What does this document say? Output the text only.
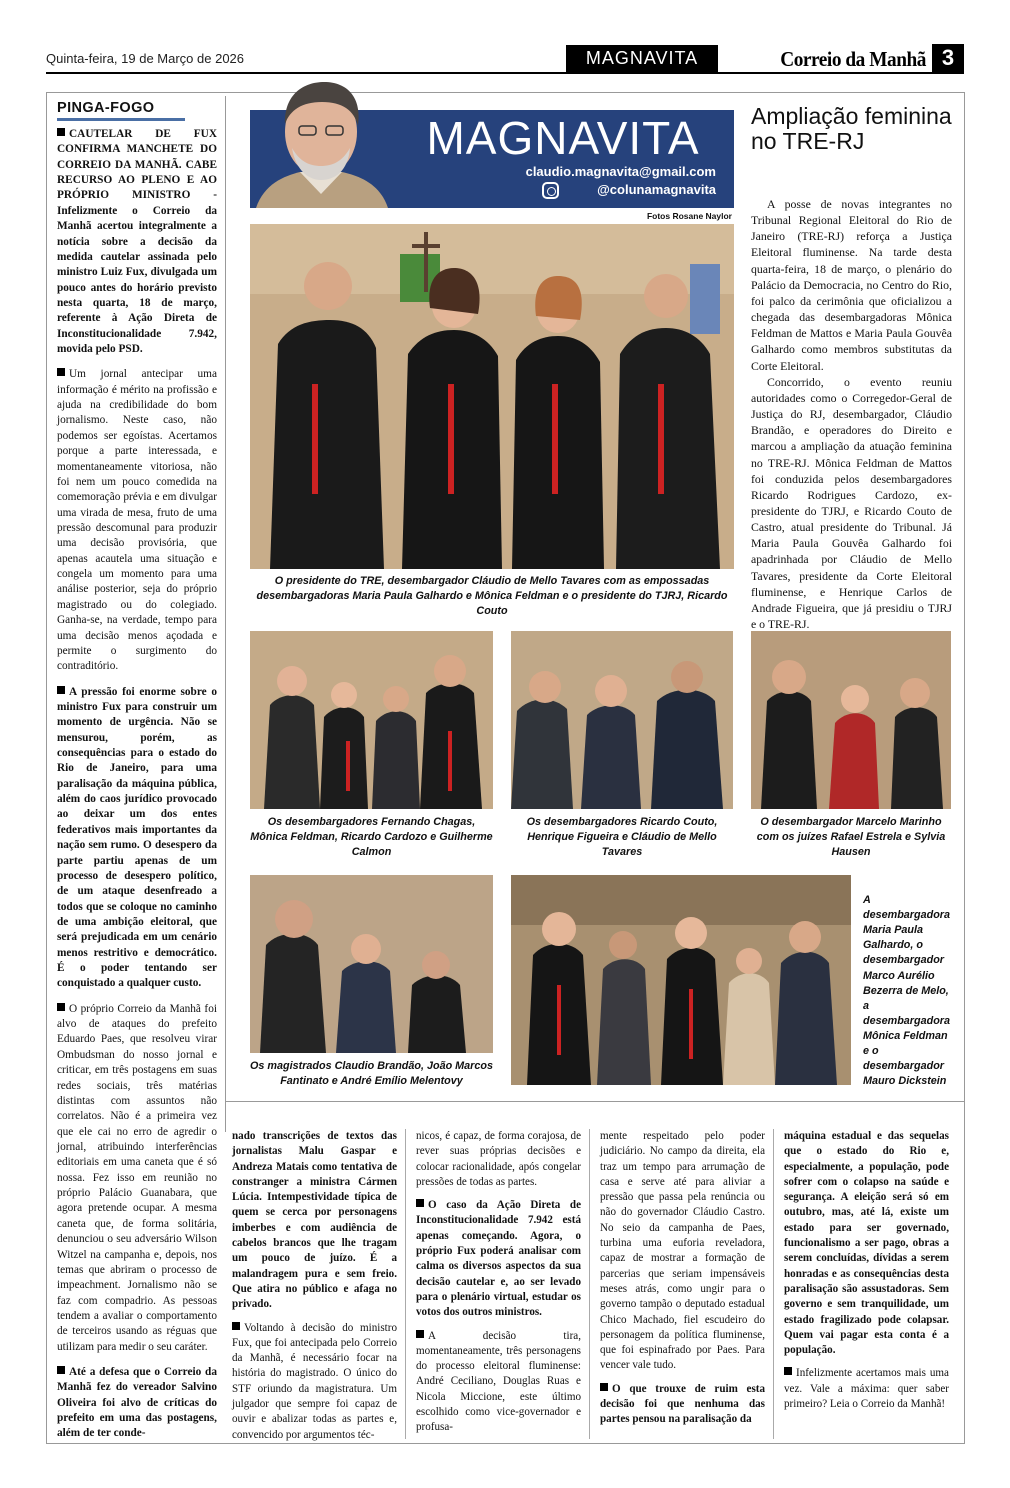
Quinta-feira, 19 de Março de 2026	MAGNAVITA	Correio da Manhã 3
PINGA-FOGO

CAUTELAR DE FUX CONFIRMA MANCHETE DO CORREIO DA MANHÃ. CABE RECURSO AO PLENO E AO PRÓPRIO MINISTRO - Infelizmente o Correio da Manhã acertou integralmente a notícia sobre a decisão da medida cautelar assinada pelo ministro Luiz Fux, divulgada um pouco antes do horário previsto nesta quarta, 18 de março, referente à Ação Direta de Inconstitucionalidade 7.942, movida pelo PSD.

Um jornal antecipar uma informação é mérito na profissão e ajuda na credibilidade do bom jornalismo. Neste caso, não podemos ser egoístas. Acertamos porque a parte interessada, e momentaneamente vitoriosa, não foi nem um pouco comedida na comemoração prévia e em divulgar uma virada de mesa, fruto de uma pressão descomunal para produzir uma decisão provisória, que apenas acautela uma situação e congela um momento para uma análise posterior, seja do próprio magistrado ou do colegiado. Ganha-se, na verdade, tempo para uma decisão menos açodada e permite o surgimento do contraditório.

A pressão foi enorme sobre o ministro Fux para construir um momento de urgência. Não se mensurou, porém, as consequências para o estado do Rio de Janeiro, para uma paralisação da máquina pública, além do caos jurídico provocado ao deixar um dos entes federativos mais importantes da nação sem rumo. O desespero da parte partiu apenas de um processo de desespero político, de um ataque desenfreado a todos que se coloque no caminho de uma ambição eleitoral, que será prejudicada em um cenário menos restritivo e democrático. É o poder tentando ser conquistado a qualquer custo.

O próprio Correio da Manhã foi alvo de ataques do prefeito Eduardo Paes, que resolveu virar Ombudsman do nosso jornal e criticar, em três postagens em suas redes sociais, três matérias distintas com assuntos não correlatos. Não é a primeira vez que ele cai no erro de agredir o jornal, atribuindo interferências editoriais em uma caneta que é só nossa. Fez isso em reunião no próprio Palácio Guanabara, que agora pretende ocupar. A mesma caneta que, de forma solitária, denunciou o seu adversário Wilson Witzel na campanha e, depois, nos temas que abriram o processo de impeachment. Jornalismo não se faz com compadrio. As pessoas tendem a avaliar o comportamento de terceiros usando as réguas que utilizam para medir o seu caráter.

Até a defesa que o Correio da Manhã fez do vereador Salvino Oliveira foi alvo de críticas do prefeito em uma das postagens, além de ter conde-

MAGNAVITA
claudio.magnavita@gmail.com
@colunamagnavita
Fotos Rosane Naylor
O presidente do TRE, desembargador Cláudio de Mello Tavares com as empossadas desembargadoras Maria Paula Galhardo e Mônica Feldman e o presidente do TJRJ, Ricardo Couto
Os desembargadores Fernando Chagas, Mônica Feldman, Ricardo Cardozo e Guilherme Calmon
Os desembargadores Ricardo Couto, Henrique Figueira e Cláudio de Mello Tavares
O desembargador Marcelo Marinho com os juízes Rafael Estrela e Sylvia Hausen
Os magistrados Claudio Brandão, João Marcos Fantinato e André Emílio Melentovy
A desembargadora Maria Paula Galhardo, o desembargador Marco Aurélio Bezerra de Melo, a desembargadora Mônica Feldman e o desembargador Mauro Dickstein
Ampliação feminina no TRE-RJ

A posse de novas integrantes no Tribunal Regional Eleitoral do Rio de Janeiro (TRE-RJ) reforça a Justiça Eleitoral fluminense. Na tarde desta quarta-feira, 18 de março, o plenário do Palácio da Democracia, no Centro do Rio, foi palco da cerimônia que oficializou a chegada das desembargadoras Mônica Feldman de Mattos e Maria Paula Gouvêa Galhardo como membros substitutas da Corte Eleitoral.

Concorrido, o evento reuniu autoridades como o Corregedor-Geral de Justiça do RJ, desembargador, Cláudio Brandão, e operadores do Direito e marcou a ampliação da atuação feminina no TRE-RJ. Mônica Feldman de Mattos foi conduzida pelos desembargadores Ricardo Rodrigues Cardozo, ex-presidente do TJRJ, e Ricardo Couto de Castro, atual presidente do Tribunal. Já Maria Paula Gouvêa Galhardo foi apadrinhada por Cláudio de Mello Tavares, presidente da Corte Eleitoral fluminense, e Henrique Carlos de Andrade Figueira, que já presidiu o TJRJ e o TRE-RJ.

nado transcrições de textos das jornalistas Malu Gaspar e Andreza Matais como tentativa de constranger a ministra Cármen Lúcia. Intempestividade típica de quem se cerca por personagens imberbes e com audiência de cabelos brancos que lhe tragam um pouco de juízo. É a malandragem pura e sem freio. Que atira no público e afaga no privado.

Voltando à decisão do ministro Fux, que foi antecipada pelo Correio da Manhã, é necessário focar na história do magistrado. O único do STF oriundo da magistratura. Um julgador que sempre foi capaz de ouvir e abalizar todas as partes e, convencido por argumentos téc-

nicos, é capaz, de forma corajosa, de rever suas próprias decisões e colocar racionalidade, após congelar pressões de todas as partes.

O caso da Ação Direta de Inconstitucionalidade 7.942 está apenas começando. Agora, o próprio Fux poderá analisar com calma os diversos aspectos da sua decisão cautelar e, ao ser levado para o plenário virtual, estudar os votos dos outros ministros.

A decisão tira, momentaneamente, três personagens do processo eleitoral fluminense: André Ceciliano, Douglas Ruas e Nicola Miccione, este último escolhido como vice-governador e profusa-

mente respeitado pelo poder judiciário. No campo da direita, ela traz um tempo para arrumação de casa e serve até para aliviar a pressão que passa pela renúncia ou não do governador Cláudio Castro. No seio da campanha de Paes, turbina uma euforia reveladora, capaz de mostrar a formação de parcerias que seriam impensáveis meses atrás, como ungir para o governo tampão o deputado estadual Chico Machado, fiel escudeiro do personagem da política fluminense, que foi espinafrado por Paes. Para vencer vale tudo.

O que trouxe de ruim esta decisão foi que nenhuma das partes pensou na paralisação da

máquina estadual e das sequelas que o estado do Rio e, especialmente, a população, pode sofrer com o colapso na saúde e segurança. A eleição será só em outubro, mas, até lá, existe um estado para ser governado, funcionalismo a ser pago, obras a serem concluídas, dívidas a serem honradas e as consequências desta paralisação são assustadoras. Sem governo e sem tranquilidade, um estado fragilizado pode colapsar. Quem vai pagar esta conta é a população.

Infelizmente acertamos mais uma vez. Vale a máxima: quer saber primeiro? Leia o Correio da Manhã!
